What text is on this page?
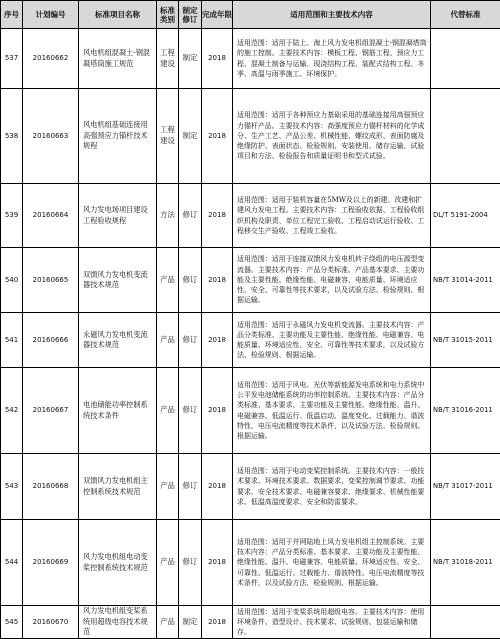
序号	计划编号	标准项目名称	标准类别	制定修订	完成年限	适用范围和主要技术内容	代替标准
537	20160662	风电机组混凝土-钢混凝塔筒施工规范	工程建设	制定	2018	适用范围：适用于陆上、海上风力发电机组混凝土-钢混凝塔筒的施工控制。主要技术内容：模板工程、钢筋工程、预应力工程、混凝土制备与运输、现浇结构工程、装配式结构工程、冬季、高温与雨季施工、环境保护。	
538	20160663	风电机组基础连接用高强预应力锚杆技术规程	工程建设	制定	2018	适用范围：适用于各种预应力基础采用的基础连接用高强预应力锚杆产品。主要技术内容：高强度预应力锚杆材料的化学成分、生产工艺、产品公差、机械性能、螺纹成形、表面防腐及绝缘防护、表面状态、检验规则、安装使用、储存运输、试验项目和方法、检验报告和质量证明书和型式试验。	
539	20160664	风力发电场项目建设工程验收规程	方法	修订	2018	适用范围：适用于装机容量在5MW及以上的新建、改建和扩建风力发电工程。主要技术内容：工程验收依据、工程验收组织机构及职责、单位工程完工验收、工程启动试运行验收、工程移交生产验收、工程竣工验收。	DL/T 5191-2004
540	20160665	双馈风力发电机变流器技术规范	产品	修订	2018	适用范围：适用于连接双馈风力发电机转子绕组的电压源型变流器。主要技术内容：产品分类标准、产品基本要求、主要功能及主要性能、绝缘性能、电磁兼容、电能质量、环境适应性、安全、可靠性等技术要求，以及试验方法、检验规则、根据运输。	NB/T 31014-2011
541	20160666	永磁风力发电机变流器技术规范	产品	修订	2018	适用范围：适用于永磁风力发电机变流器。主要技术内容：产品分类标准、主要功能及主要性能、绝缘性能、电磁兼容、电能质量、环境适应性、安全、可靠性等技术要求，以及试验方法、检验规则、根据运输。	NB/T 31015-2011
542	20160667	电池储能功率控制系统技术条件	产品	修订	2018	适用范围：适用于风电、光伏等新能源发电系统和电力系统中公平发电池储能系统的功率控制系统。主要技术内容：产品分类标准、基本要求、主要功能及主要性能、绝缘性能、温升、电磁兼容、低温运行、低温启动、温度变化、过载能力、谐波特性、电压电流精度等技术条件，以及试验方法、检验规则、根据运输。	NB/T 31016-2011
543	20160668	双馈风力发电机组主控制系统技术规范	产品	修订	2018	适用范围：适用于电动变桨控制系统。主要技术内容：一般技术要求、环境技术要求、数据要求、变桨控制调节要求、功能要求、安全技术要求、电磁兼容要求、绝缘要求、机械性能要求、低温高温度要求、安全和防雷要求。	NB/T 31017-2011
544	20160669	风力发电机组电动变桨控制系统技术规范	产品	修订	2018	适用范围：适用于并网陆地上风力发电机组主控制系统。主要技术内容：产品分类标准、基本要求、主要功能及主要性能、绝缘性能、温升、电磁兼容、电能质量、环境适应性、安全、可靠性、低温运行、过载能力、谐波特性、电压电流精度等技术条件，以及试验方法、检验规则、根据运输。	NB/T 31018-2011
545	20160670	风力发电机组变桨系统用超级电容技术规范	产品	制定	2018	适用范围：适用于变桨系统用超级电容。主要技术内容：使用环境条件、造型设计、技术要求、试验规则、包装运输和储存。	
